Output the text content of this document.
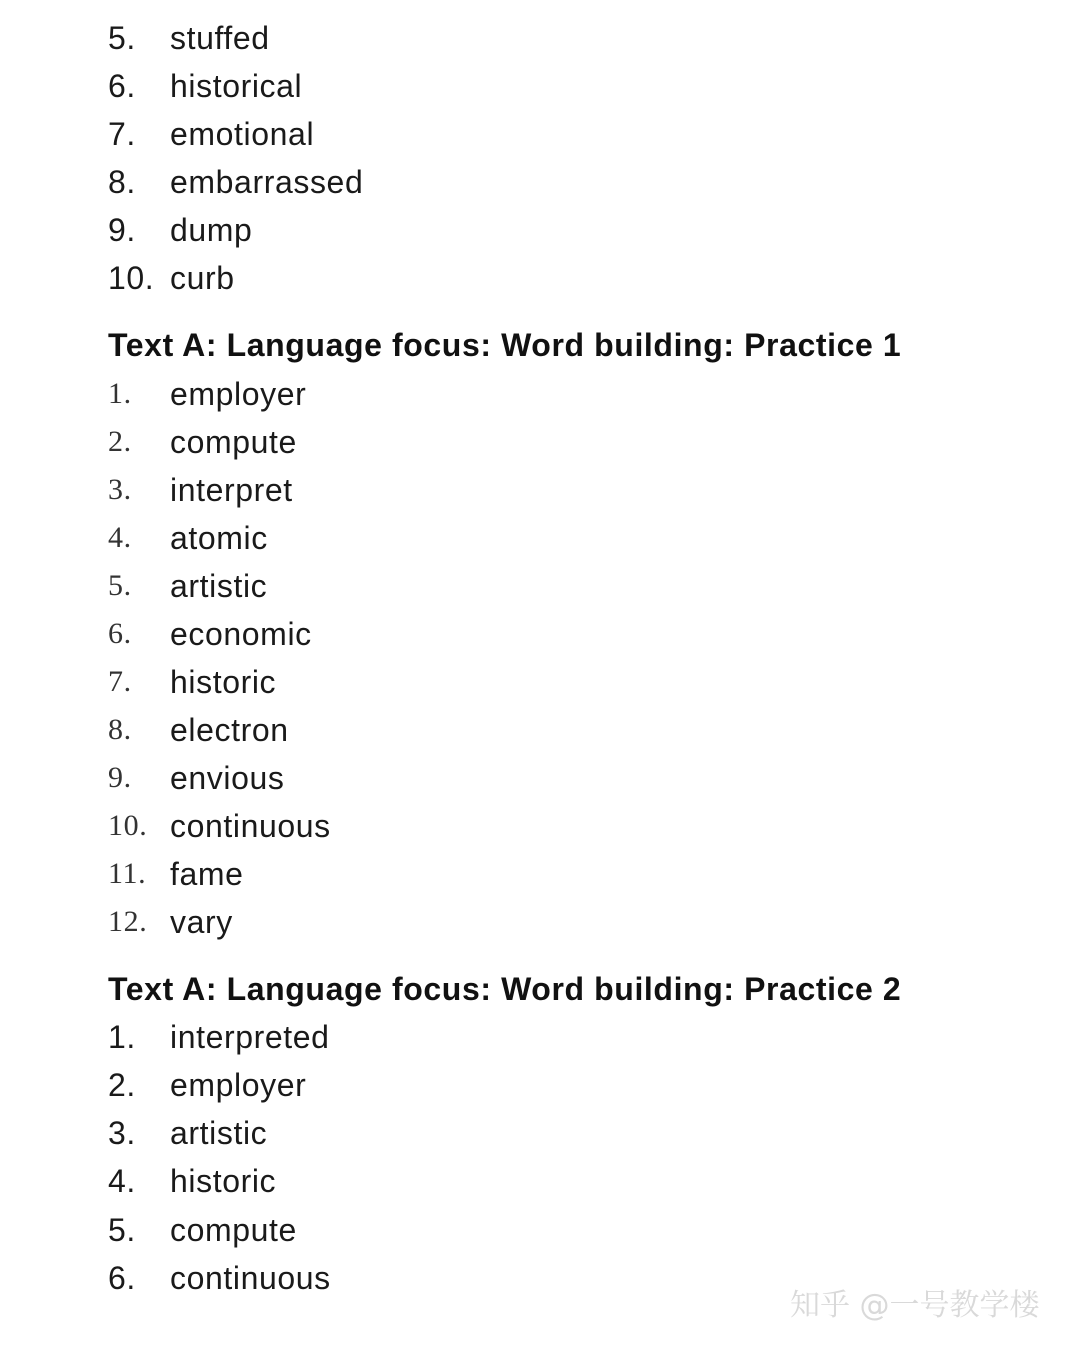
5.	stuffed
6.	historical
7.	emotional
8.	embarrassed
9.	dump
10. curb
Text A: Language focus: Word building: Practice 1
1.	employer
2.	compute
3.	interpret
4.	atomic
5.	artistic
6.	economic
7.	historic
8.	electron
9.	envious
10. continuous
11. fame
12. vary
Text A: Language focus: Word building: Practice 2
1.	interpreted
2.	employer
3.	artistic
4.	historic
5.	compute
6.	continuous
知乎 @一号教学楼
